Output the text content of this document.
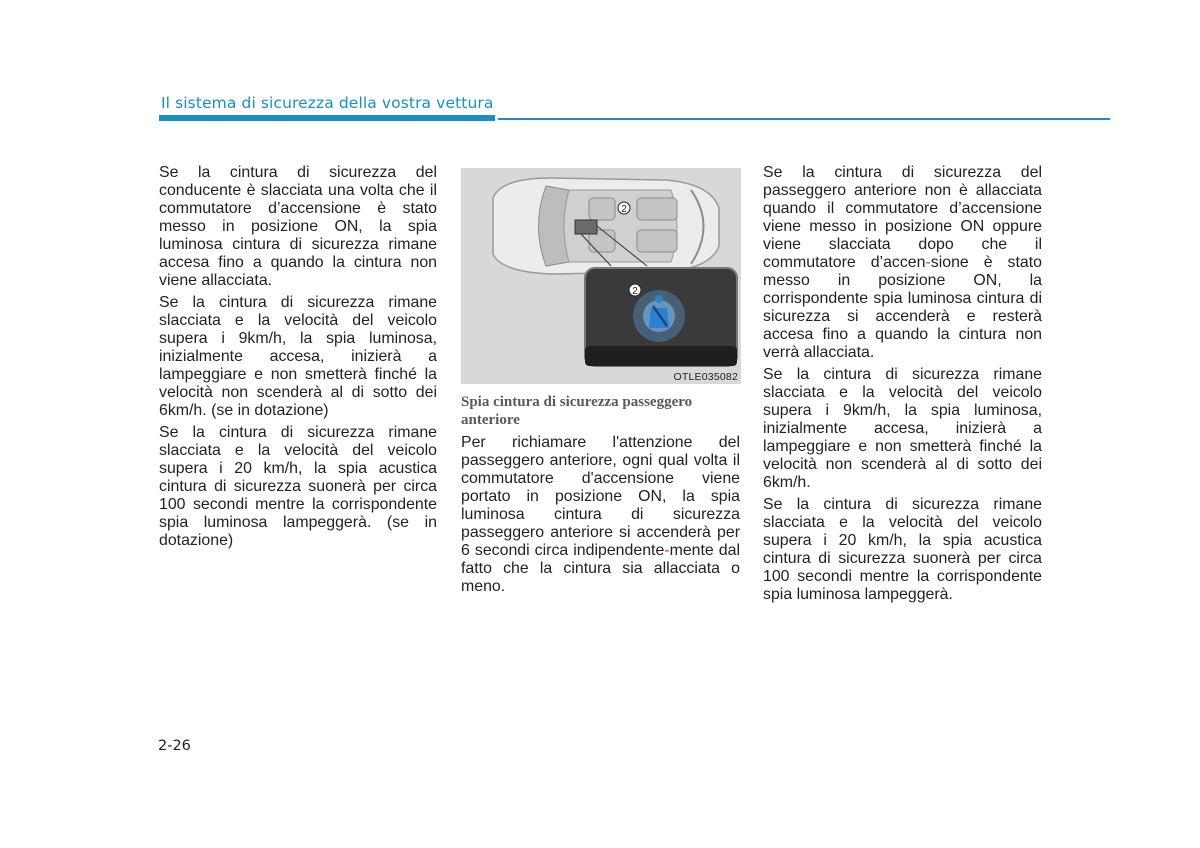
Il sistema di sicurezza della vostra vettura

Se la cintura di sicurezza del conducente è slacciata una volta che il commutatore d’accensione è stato messo in posizione ON, la spia luminosa cintura di sicurezza rimane accesa fino a quando la cintura non viene allacciata.

Se la cintura di sicurezza rimane slacciata e la velocità del veicolo supera i 9km/h, la spia luminosa, inizialmente accesa, inizierà a lampeggiare e non smetterà finché la velocità non scenderà al di sotto dei 6km/h. (se in dotazione)

Se la cintura di sicurezza rimane slacciata e la velocità del veicolo supera i 20 km/h, la spia acustica cintura di sicurezza suonerà per circa 100 secondi mentre la corrispondente spia luminosa lampeggerà. (se in dotazione)

2
2
OTLE035082
Spia cintura di sicurezza passeggero anteriore

Per richiamare l'attenzione del passeggero anteriore, ogni qual volta il commutatore d'accensione viene portato in posizione ON, la spia luminosa cintura di sicurezza passeggero anteriore si accenderà per 6 secondi circa indipendente-mente dal fatto che la cintura sia allacciata o meno.

Se la cintura di sicurezza del passeggero anteriore non è allacciata quando il commutatore d’accensione viene messo in posizione ON oppure viene slacciata dopo che il commutatore d’accen-sione è stato messo in posizione ON, la corrispondente spia luminosa cintura di sicurezza si accenderà e resterà accesa fino a quando la cintura non verrà allacciata.

Se la cintura di sicurezza rimane slacciata e la velocità del veicolo supera i 9km/h, la spia luminosa, inizialmente accesa, inizierà a lampeggiare e non smetterà finché la velocità non scenderà al di sotto dei 6km/h.

Se la cintura di sicurezza rimane slacciata e la velocità del veicolo supera i 20 km/h, la spia acustica cintura di sicurezza suonerà per circa 100 secondi mentre la corrispondente spia luminosa lampeggerà.

2-26
